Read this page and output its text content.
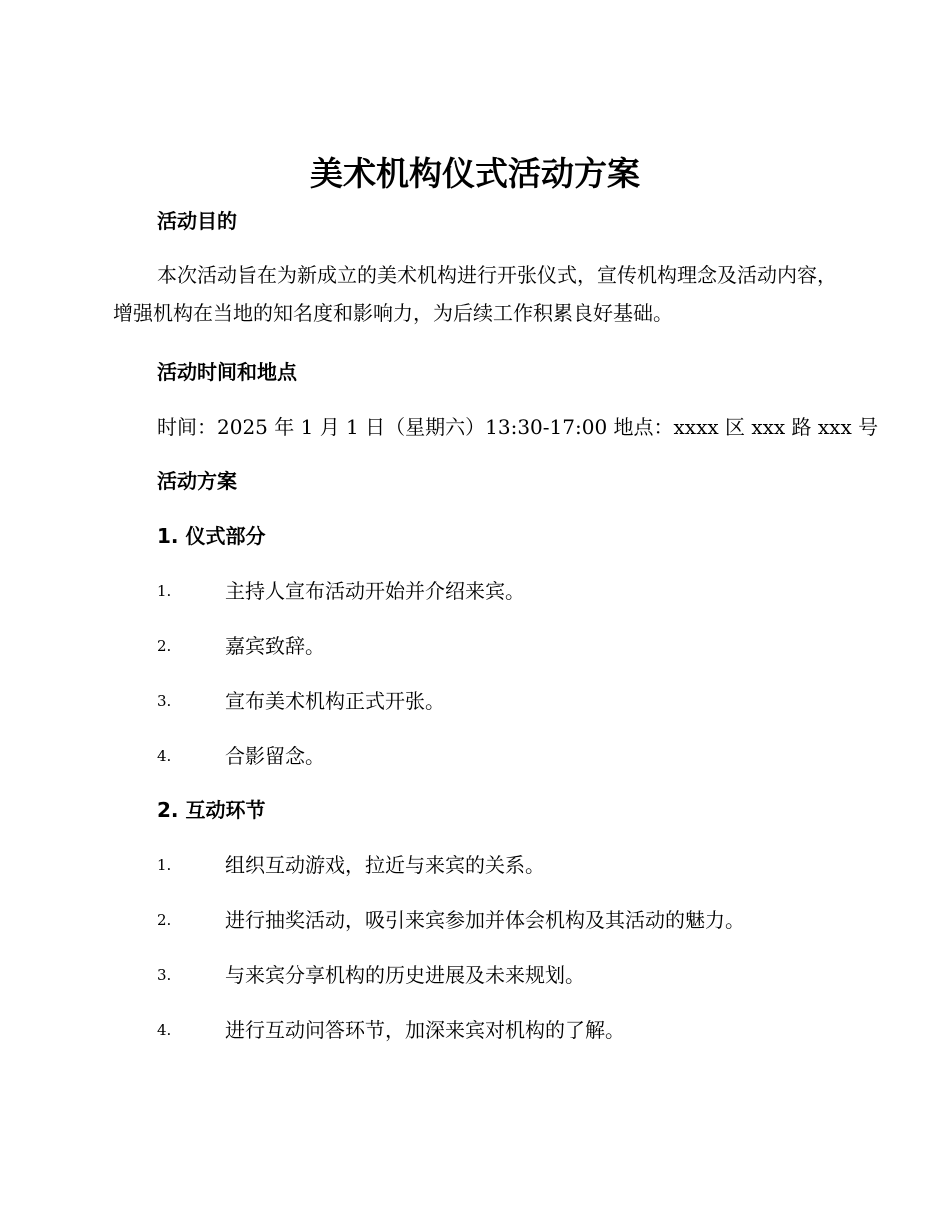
美术机构仪式活动方案
活动目的

本次活动旨在为新成立的美术机构进行开张仪式，宣传机构理念及活动内容，增强机构在当地的知名度和影响力，为后续工作积累良好基础。

活动时间和地点

时间：2025 年 1 月 1 日（星期六）13:30-17:00 地点：xxxx 区 xxx 路 xxx 号

活动方案
1. 仪式部分
1.	主持人宣布活动开始并介绍来宾。
2.	嘉宾致辞。
3.	宣布美术机构正式开张。
4.	合影留念。
2. 互动环节
1.	组织互动游戏，拉近与来宾的关系。
2.	进行抽奖活动，吸引来宾参加并体会机构及其活动的魅力。
3.	与来宾分享机构的历史进展及未来规划。
4.	进行互动问答环节，加深来宾对机构的了解。
